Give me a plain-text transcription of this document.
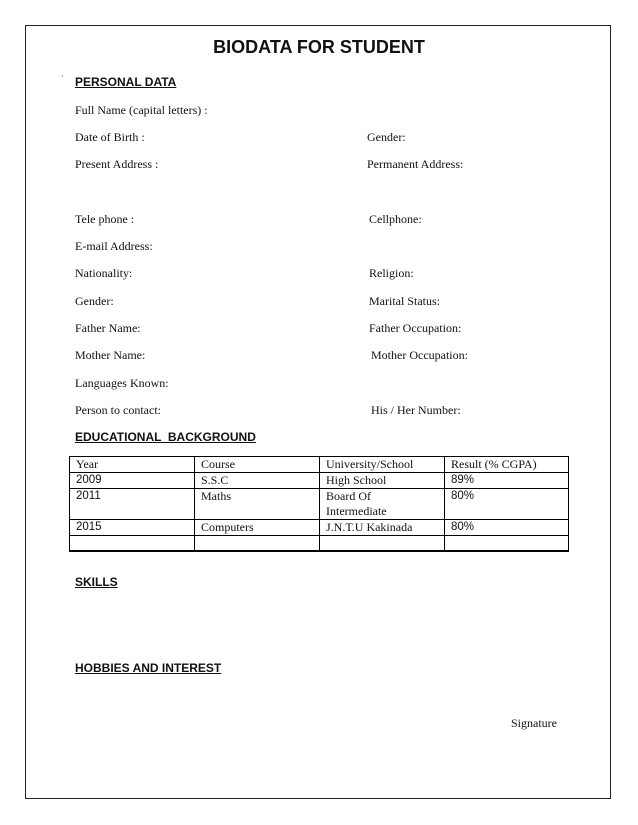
BIODATA FOR STUDENT
· PERSONAL DATA
Full Name (capital letters) :
Date of Birth :	Gender:
Present Address :	Permanent Address:
Tele phone :	Cellphone:
E-mail Address:
Nationality:	Religion:
Gender:	Marital Status:
Father Name:	Father Occupation:
Mother Name:	Mother Occupation:
Languages Known:
Person to contact:	His / Her Number:
EDUCATIONAL  BACKGROUND
Year	Course	University/School	Result (% CGPA)
2009	S.S.C	High School	89%
2011	Maths	Board Of Intermediate	80%
2015	Computers	J.N.T.U Kakinada	80%

SKILLS
HOBBIES AND INTEREST
Signature
